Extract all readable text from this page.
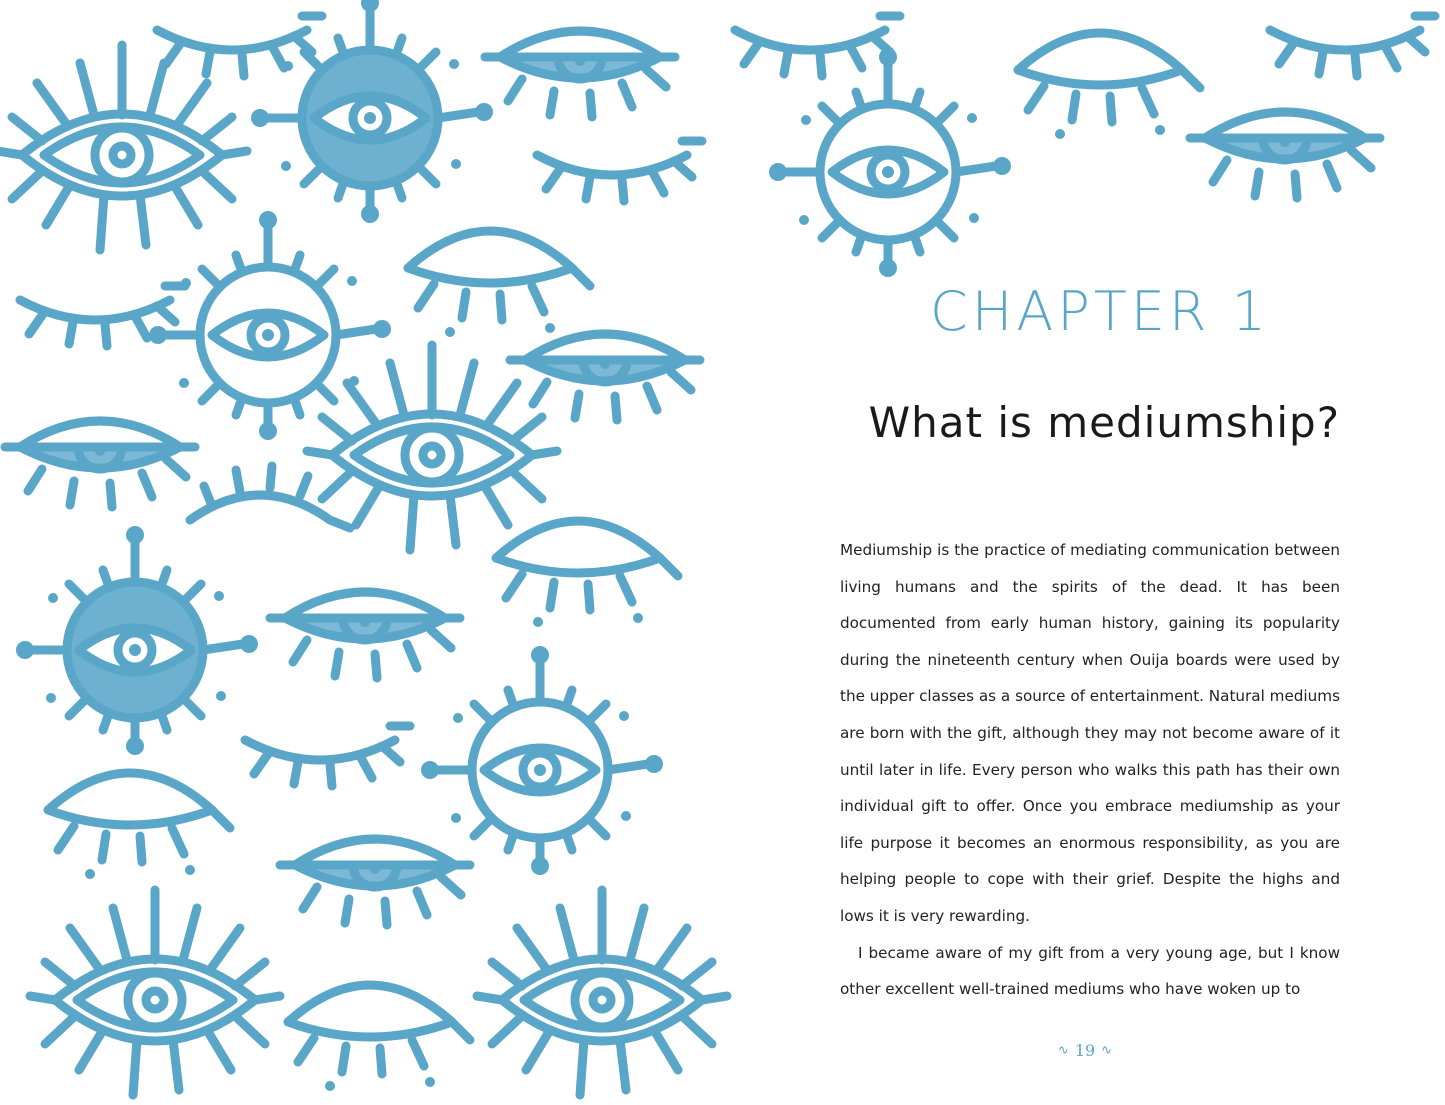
CHAPTER 1
What is mediumship?

Mediumship is the practice of mediating communication between living humans and the spirits of the dead. It has been documented from early human history, gaining its popularity during the nineteenth century when Ouija boards were used by the upper classes as a source of entertainment. Natural mediums are born with the gift, although they may not become aware of it until later in life. Every person who walks this path has their own individual gift to offer. Once you embrace mediumship as your life purpose it becomes an enormous responsibility, as you are helping people to cope with their grief. Despite the highs and lows it is very rewarding.

I became aware of my gift from a very young age, but I know other excellent well-trained mediums who have woken up to

∿ 19 ∿
